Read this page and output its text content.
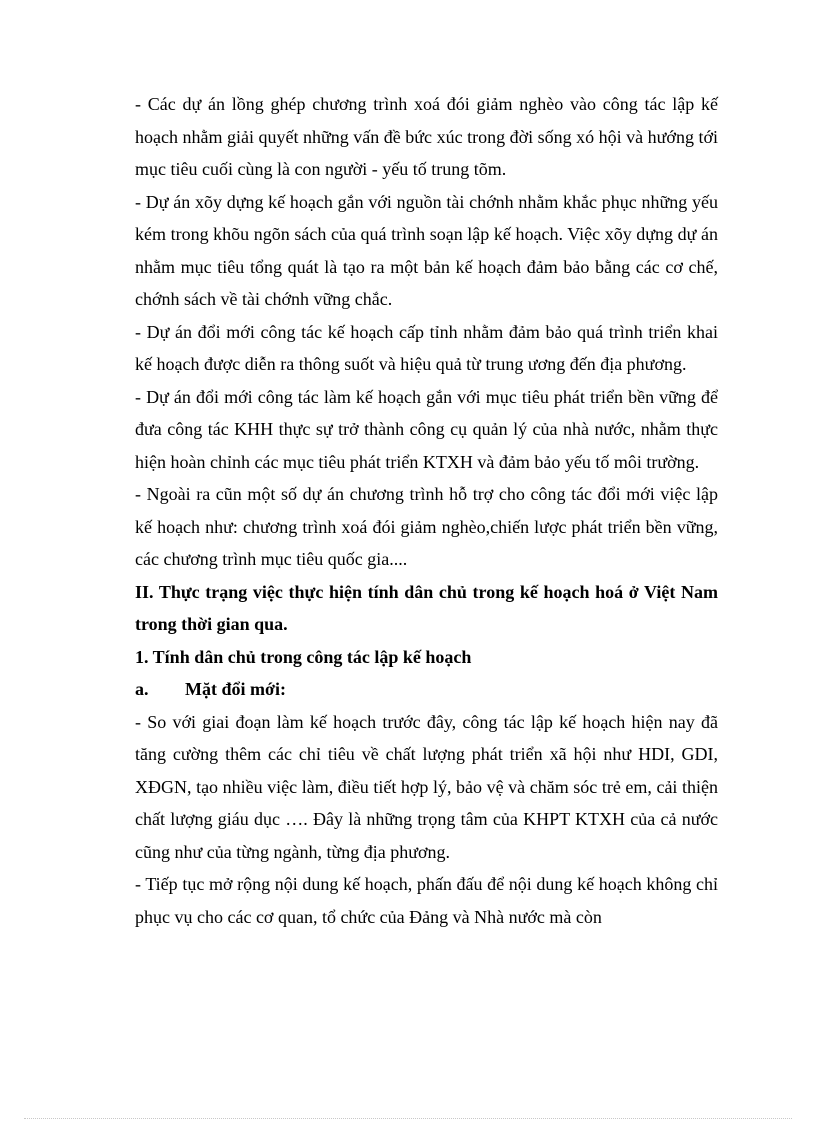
- Các dự án lồng ghép chương trình xoá đói giảm nghèo vào công tác lập kế hoạch nhằm giải quyết những vấn đề bức xúc trong đời sống xó hội và hướng tới mục tiêu cuối cùng là con người - yếu tố trung tõm.

- Dự án xõy dựng kế hoạch gắn với nguồn tài chớnh nhằm khắc phục những yếu kém trong khõu ngõn sách của quá trình soạn lập kế hoạch. Việc xõy dựng dự án nhằm mục tiêu tổng quát là tạo ra một bản kế hoạch đảm bảo bằng các cơ chế, chớnh sách về tài chớnh vững chắc.

- Dự án đổi mới công tác kế hoạch cấp tỉnh nhằm đảm bảo quá trình triển khai kế hoạch được diễn ra thông suốt và hiệu quả từ trung ương đến địa phương.

- Dự án đổi mới công tác làm kế hoạch gắn với mục tiêu phát triển bền vững để đưa công tác KHH thực sự trở thành công cụ quản lý của nhà nước, nhằm thực hiện hoàn chỉnh các mục tiêu phát triển KTXH và đảm bảo yếu tố môi trường.

- Ngoài ra cũn một số dự án chương trình hỗ trợ cho công tác đổi mới việc lập kế hoạch như: chương trình xoá đói giảm nghèo,chiến lược phát triển bền vững, các chương trình mục tiêu quốc gia....

II. Thực trạng việc thực hiện tính dân chủ trong kế hoạch hoá ở Việt Nam trong thời gian qua.

1. Tính dân chủ trong công tác lập kế hoạch

a.	Mặt đổi mới:

- So với giai đoạn làm kế hoạch trước đây, công tác lập kế hoạch hiện nay đã tăng cường thêm các chỉ tiêu về chất lượng phát triển xã hội như HDI, GDI, XĐGN, tạo nhiều việc làm, điều tiết hợp lý, bảo vệ và chăm sóc trẻ em, cải thiện chất lượng giáu dục …. Đây là những trọng tâm của KHPT KTXH của cả nước cũng như của từng ngành, từng địa phương.

- Tiếp tục mở rộng nội dung kế hoạch, phấn đấu để nội dung kế hoạch không chỉ phục vụ cho các cơ quan, tổ chức của Đảng và Nhà nước mà còn
